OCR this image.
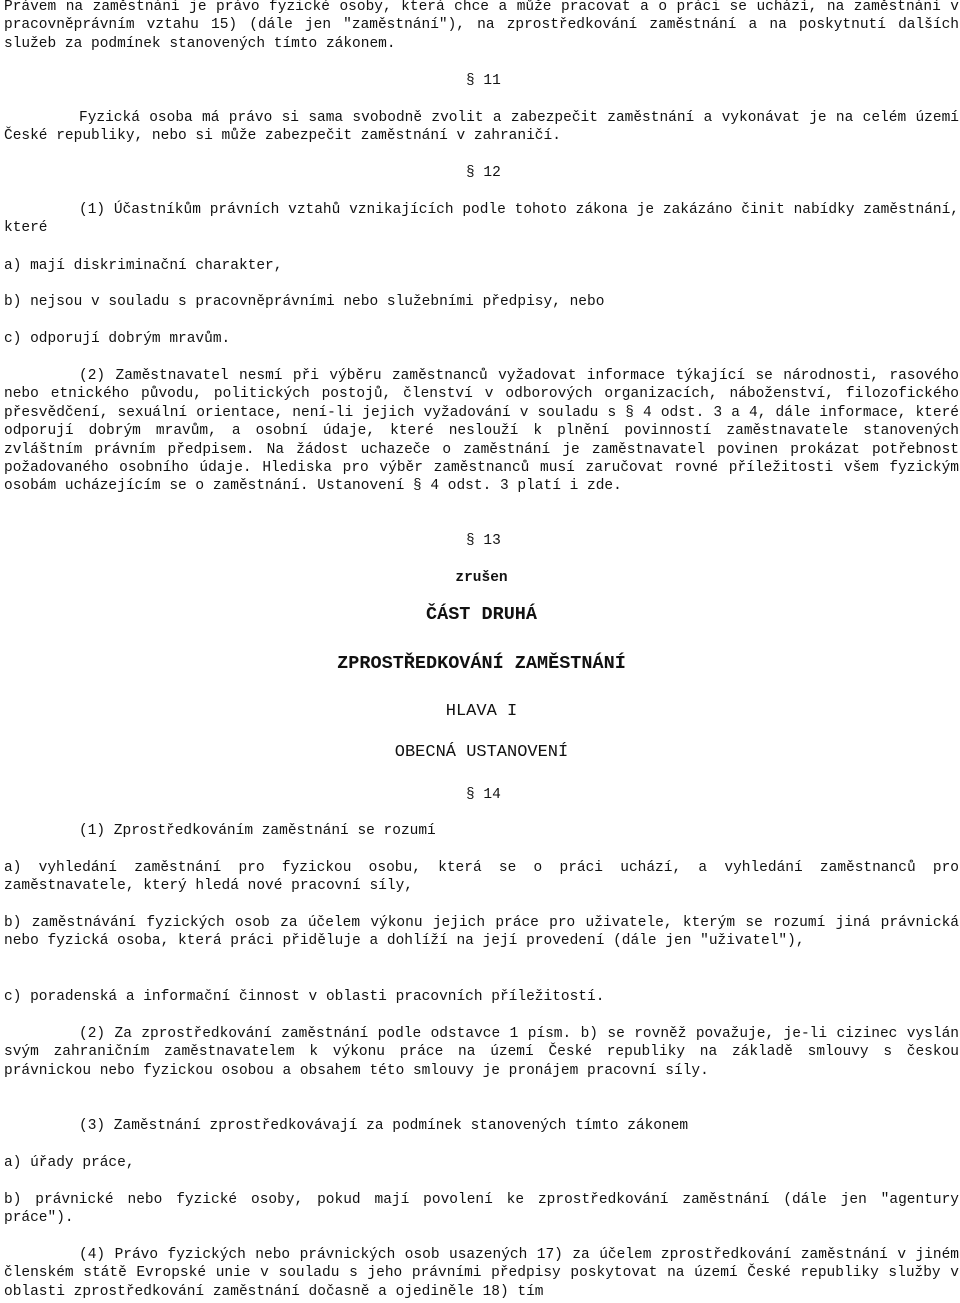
Právem na zaměstnání je právo fyzické osoby, která chce a může pracovat a o práci se uchází, na zaměstnání v pracovněprávním vztahu 15) (dále jen "zaměstnání"), na zprostředkování zaměstnání a na poskytnutí dalších služeb za podmínek stanovených tímto zákonem.

§ 11

Fyzická osoba má právo si sama svobodně zvolit a zabezpečit zaměstnání a vykonávat je na celém území České republiky, nebo si může zabezpečit zaměstnání v zahraničí.

§ 12

(1) Účastníkům právních vztahů vznikajících podle tohoto zákona je zakázáno činit nabídky zaměstnání, které

a) mají diskriminační charakter,

b) nejsou v souladu s pracovněprávními nebo služebními předpisy, nebo

c) odporují dobrým mravům.

(2) Zaměstnavatel nesmí při výběru zaměstnanců vyžadovat informace týkající se národnosti, rasového nebo etnického původu, politických postojů, členství v odborových organizacích, náboženství, filozofického přesvědčení, sexuální orientace, není-li jejich vyžadování v souladu s § 4 odst. 3 a 4, dále informace, které odporují dobrým mravům, a osobní údaje, které neslouží k plnění povinností zaměstnavatele stanovených zvláštním právním předpisem. Na žádost uchazeče o zaměstnání je zaměstnavatel povinen prokázat potřebnost požadovaného osobního údaje. Hlediska pro výběr zaměstnanců musí zaručovat rovné příležitosti všem fyzickým osobám ucházejícím se o zaměstnání. Ustanovení § 4 odst. 3 platí i zde.

§ 13

zrušen

ČÁST DRUHÁ

ZPROSTŘEDKOVÁNÍ ZAMĚSTNÁNÍ

HLAVA I

OBECNÁ USTANOVENÍ

§ 14

(1) Zprostředkováním zaměstnání se rozumí

a) vyhledání zaměstnání pro fyzickou osobu, která se o práci uchází, a vyhledání zaměstnanců pro zaměstnavatele, který hledá nové pracovní síly,

b) zaměstnávání fyzických osob za účelem výkonu jejich práce pro uživatele, kterým se rozumí jiná právnická nebo fyzická osoba, která práci přiděluje a dohlíží na její provedení (dále jen "uživatel"),

c) poradenská a informační činnost v oblasti pracovních příležitostí.

(2) Za zprostředkování zaměstnání podle odstavce 1 písm. b) se rovněž považuje, je-li cizinec vyslán svým zahraničním zaměstnavatelem k výkonu práce na území České republiky na základě smlouvy s českou právnickou nebo fyzickou osobou a obsahem této smlouvy je pronájem pracovní síly.

(3) Zaměstnání zprostředkovávají za podmínek stanovených tímto zákonem

a) úřady práce,

b) právnické nebo fyzické osoby, pokud mají povolení ke zprostředkování zaměstnání (dále jen "agentury práce").

(4) Právo fyzických nebo právnických osob usazených 17) za účelem zprostředkování zaměstnání v jiném členském státě Evropské unie v souladu s jeho právními předpisy poskytovat na území České republiky služby v oblasti zprostředkování zaměstnání dočasně a ojediněle 18) tím
